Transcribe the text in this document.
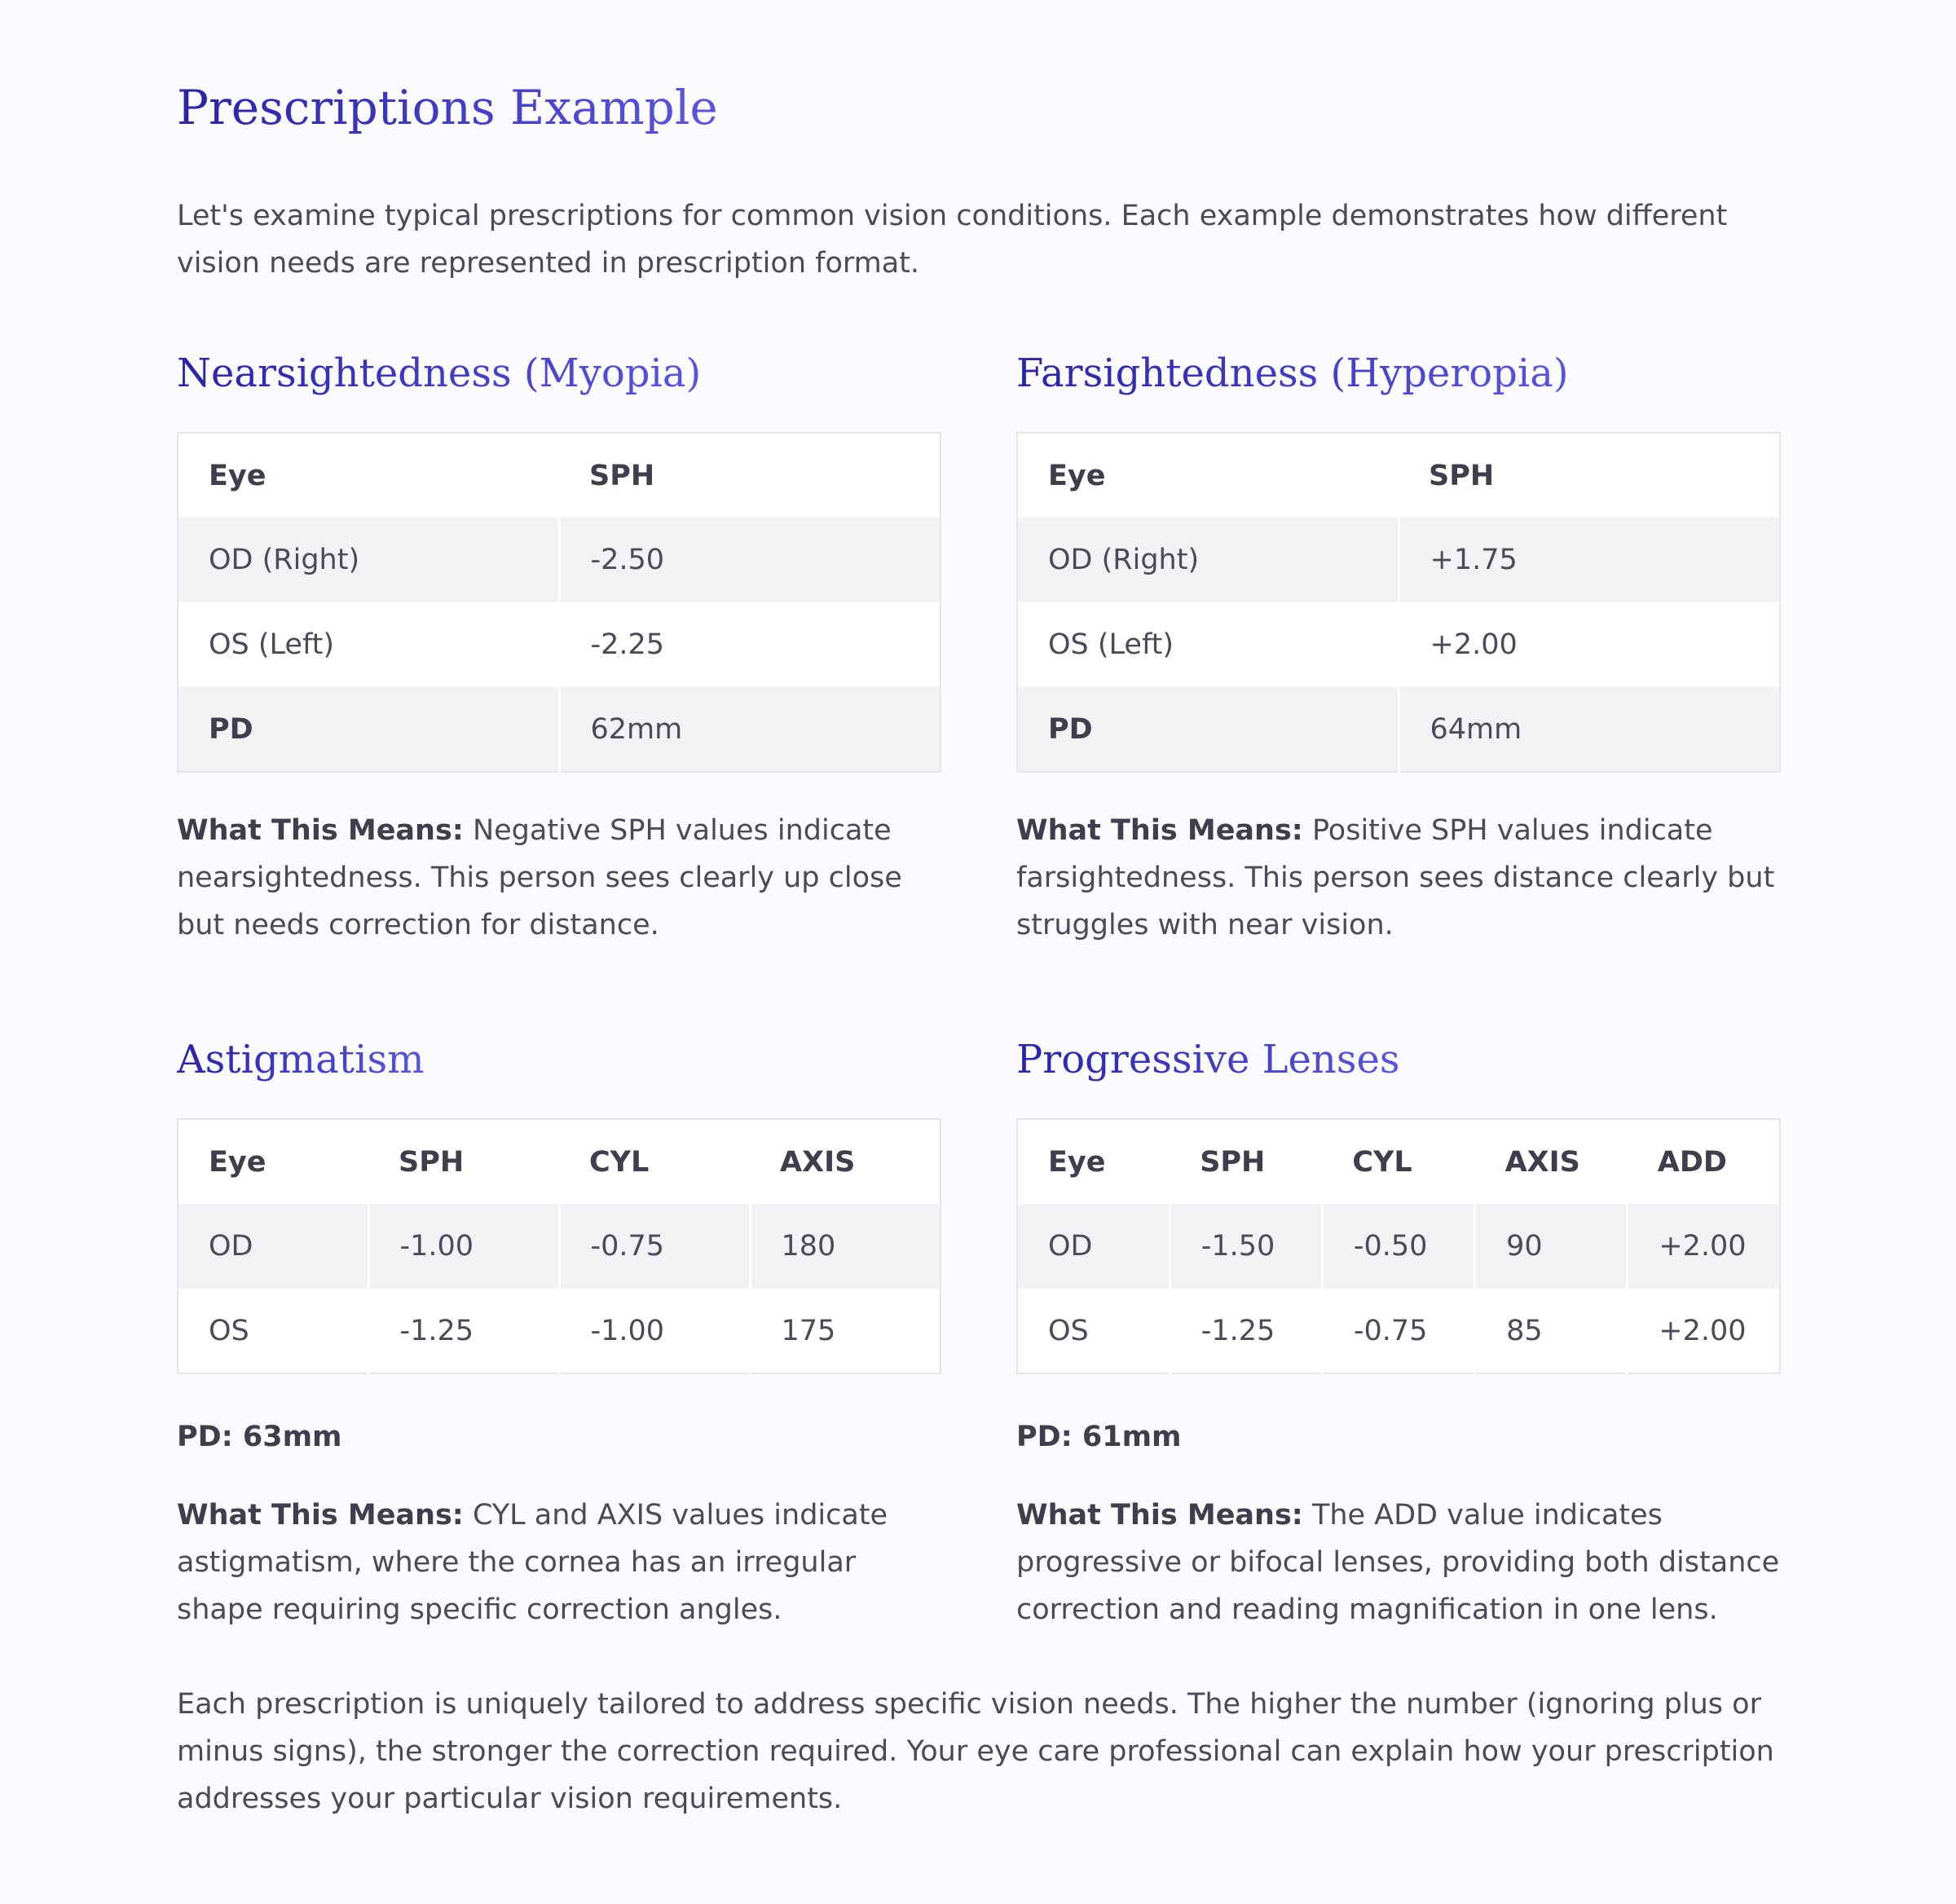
Prescriptions Example

Let's examine typical prescriptions for common vision conditions. Each example demonstrates how different vision needs are represented in prescription format.

Nearsightedness (Myopia)
Eye	SPH
OD (Right)	-2.50
OS (Left)	-2.25
PD	62mm

What This Means: Negative SPH values indicate nearsightedness. This person sees clearly up close but needs correction for distance.

Farsightedness (Hyperopia)
Eye	SPH
OD (Right)	+1.75
OS (Left)	+2.00
PD	64mm

What This Means: Positive SPH values indicate farsightedness. This person sees distance clearly but struggles with near vision.

Astigmatism
Eye	SPH	CYL	AXIS
OD	-1.00	-0.75	180
OS	-1.25	-1.00	175

PD: 63mm

What This Means: CYL and AXIS values indicate astigmatism, where the cornea has an irregular shape requiring specific correction angles.

Progressive Lenses
Eye	SPH	CYL	AXIS	ADD
OD	-1.50	-0.50	90	+2.00
OS	-1.25	-0.75	85	+2.00

PD: 61mm

What This Means: The ADD value indicates progressive or bifocal lenses, providing both distance correction and reading magnification in one lens.

Each prescription is uniquely tailored to address specific vision needs. The higher the number (ignoring plus or minus signs), the stronger the correction required. Your eye care professional can explain how your prescription addresses your particular vision requirements.
